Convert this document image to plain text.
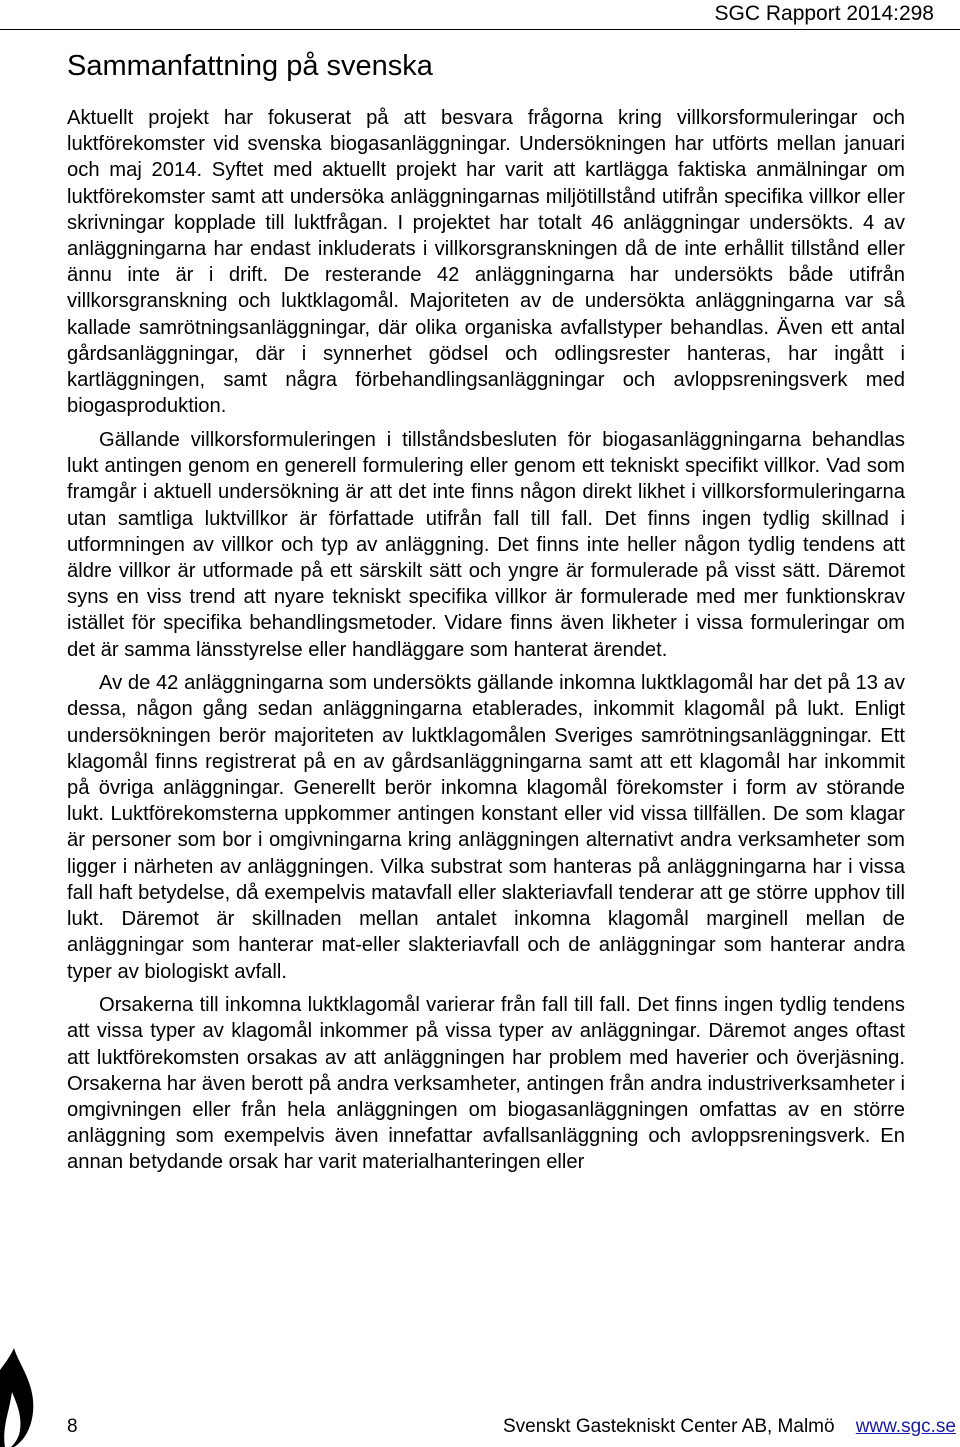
SGC Rapport 2014:298
Sammanfattning på svenska

Aktuellt projekt har fokuserat på att besvara frågorna kring villkorsformuleringar och luktförekomster vid svenska biogasanläggningar. Undersökningen har utförts mellan januari och maj 2014. Syftet med aktuellt projekt har varit att kartlägga faktiska anmälningar om luktförekomster samt att undersöka anläggningarnas miljötillstånd utifrån specifika villkor eller skrivningar kopplade till luktfrågan. I projektet har totalt 46 anläggningar undersökts. 4 av anläggningarna har endast inkluderats i villkorsgranskningen då de inte erhållit tillstånd eller ännu inte är i drift. De resterande 42 anläggningarna har undersökts både utifrån villkorsgranskning och luktklagomål. Majoriteten av de undersökta anläggningarna var så kallade samrötningsanläggningar, där olika organiska avfallstyper behandlas. Även ett antal gårdsanläggningar, där i synnerhet gödsel och odlingsrester hanteras, har ingått i kartläggningen, samt några förbehandlingsanläggningar och avloppsreningsverk med biogasproduktion.

Gällande villkorsformuleringen i tillståndsbesluten för biogasanläggningarna behandlas lukt antingen genom en generell formulering eller genom ett tekniskt specifikt villkor. Vad som framgår i aktuell undersökning är att det inte finns någon direkt likhet i villkorsformuleringarna utan samtliga luktvillkor är författade utifrån fall till fall. Det finns ingen tydlig skillnad i utformningen av villkor och typ av anläggning. Det finns inte heller någon tydlig tendens att äldre villkor är utformade på ett särskilt sätt och yngre är formulerade på visst sätt. Däremot syns en viss trend att nyare tekniskt specifika villkor är formulerade med mer funktionskrav istället för specifika behandlingsmetoder. Vidare finns även likheter i vissa formuleringar om det är samma länsstyrelse eller handläggare som hanterat ärendet.

Av de 42 anläggningarna som undersökts gällande inkomna luktklagomål har det på 13 av dessa, någon gång sedan anläggningarna etablerades, inkommit klagomål på lukt. Enligt undersökningen berör majoriteten av luktklagomålen Sveriges samrötningsanläggningar. Ett klagomål finns registrerat på en av gårdsanläggningarna samt att ett klagomål har inkommit på övriga anläggningar. Generellt berör inkomna klagomål förekomster i form av störande lukt. Luktförekomsterna uppkommer antingen konstant eller vid vissa tillfällen. De som klagar är personer som bor i omgivningarna kring anläggningen alternativt andra verksamheter som ligger i närheten av anläggningen. Vilka substrat som hanteras på anläggningarna har i vissa fall haft betydelse, då exempelvis matavfall eller slakteriavfall tenderar att ge större upphov till lukt. Däremot är skillnaden mellan antalet inkomna klagomål marginell mellan de anläggningar som hanterar mat-eller slakteriavfall och de anläggningar som hanterar andra typer av biologiskt avfall.

Orsakerna till inkomna luktklagomål varierar från fall till fall. Det finns ingen tydlig tendens att vissa typer av klagomål inkommer på vissa typer av anläggningar. Däremot anges oftast att luktförekomsten orsakas av att anläggningen har problem med haverier och överjäsning. Orsakerna har även berott på andra verksamheter, antingen från andra industriverksamheter i omgivningen eller från hela anläggningen om biogasanläggningen omfattas av en större anläggning som exempelvis även innefattar avfallsanläggning och avloppsreningsverk. En annan betydande orsak har varit materialhanteringen eller

8	Svenskt Gastekniskt Center AB, Malmö www.sgc.se
